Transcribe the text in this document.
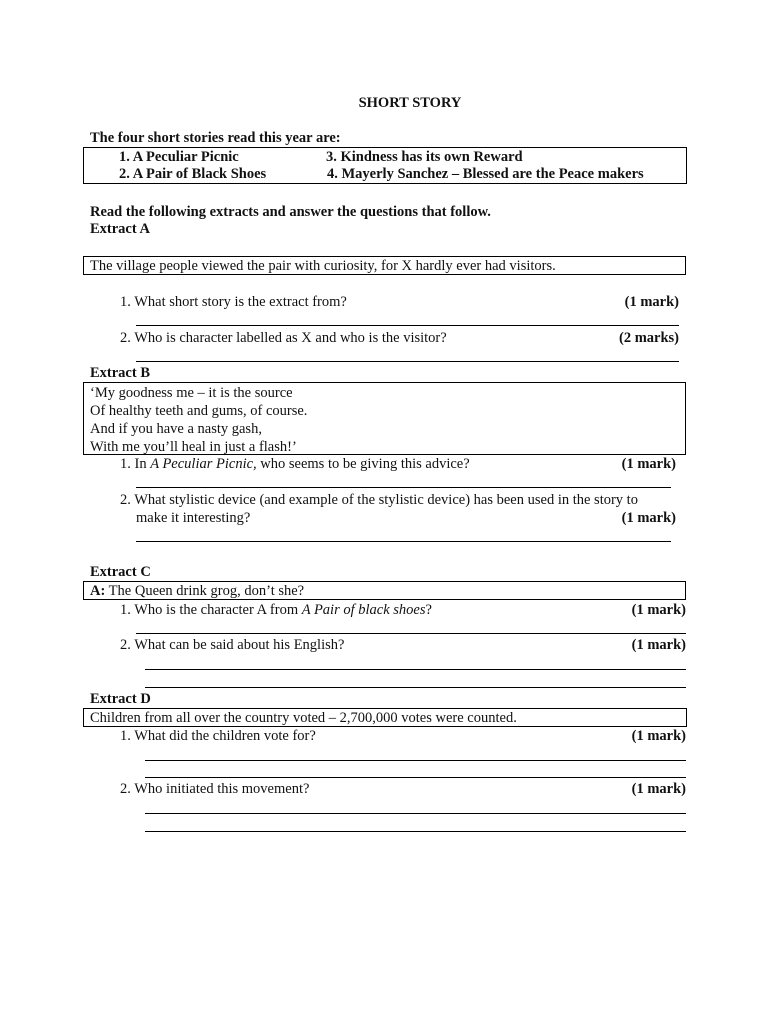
SHORT STORY
The four short stories read this year are:
1. A Peculiar Picnic	3. Kindness has its own Reward
2. A Pair of Black Shoes	4. Mayerly Sanchez – Blessed are the Peace makers
Read the following extracts and answer the questions that follow.
Extract A
The village people viewed the pair with curiosity, for X hardly ever had visitors.
1. What short story is the extract from?	(1 mark)
2. Who is character labelled as X and who is the visitor?	(2 marks)
Extract B
‘My goodness me – it is the source
Of healthy teeth and gums, of course.
And if you have a nasty gash,
With me you’ll heal in just a flash!’
1. In A Peculiar Picnic, who seems to be giving this advice?	(1 mark)
2. What stylistic device (and example of the stylistic device) has been used in the story to
make it interesting?	(1 mark)
Extract C
A: The Queen drink grog, don’t she?
1. Who is the character A from A Pair of black shoes?	(1 mark)
2. What can be said about his English?	(1 mark)
Extract D
Children from all over the country voted – 2,700,000 votes were counted.
1. What did the children vote for?	(1 mark)
2. Who initiated this movement?	(1 mark)
